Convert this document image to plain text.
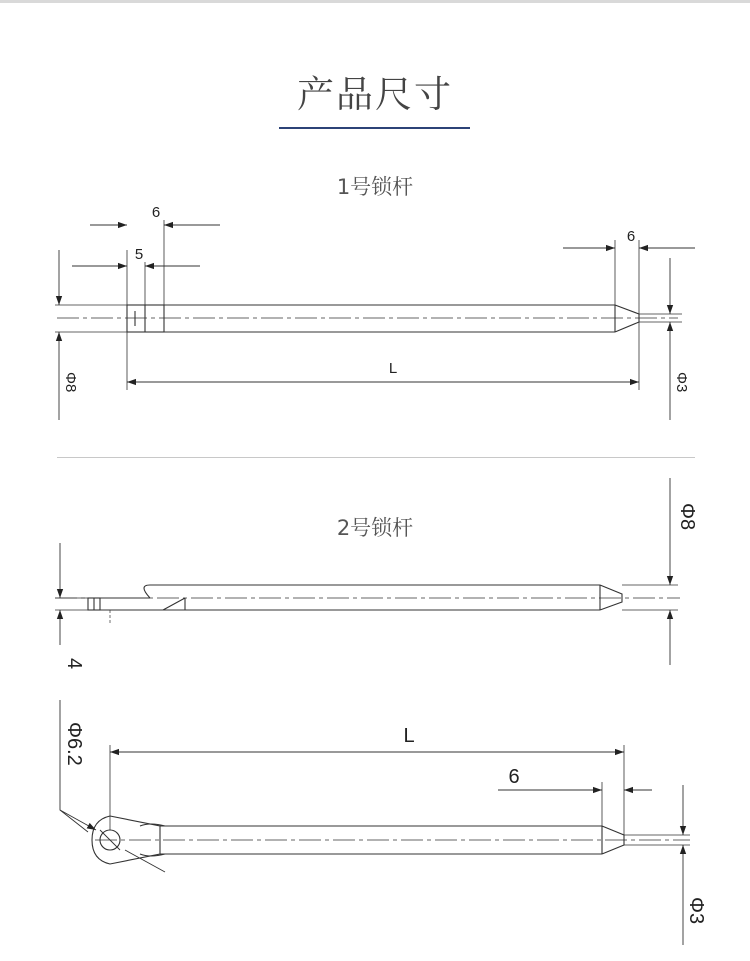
产品尺寸
1号锁杆
2号锁杆
6
5
6
L
Φ8	Φ3
Φ8
4
Φ6.2	L
6
Φ3
